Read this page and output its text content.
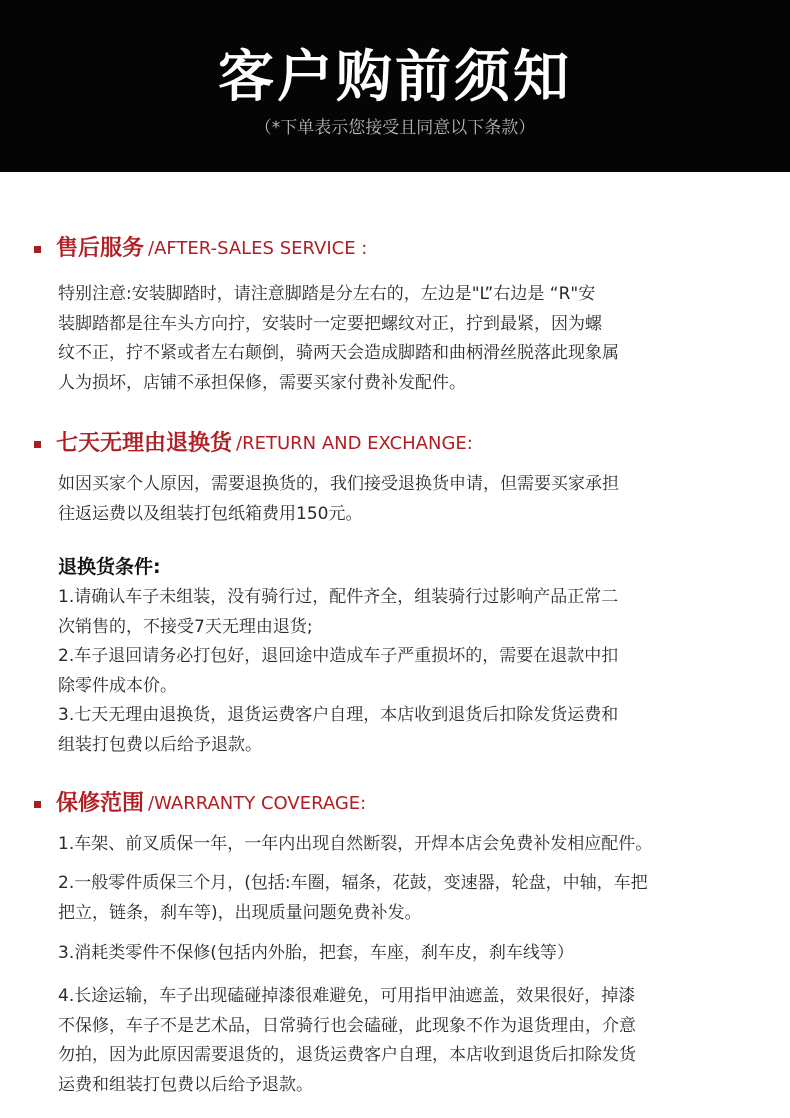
客户购前须知
（*下单表示您接受且同意以下条款）
售后服务 /AFTER-SALES SERVICE :
特别注意:安装脚踏时，请注意脚踏是分左右的，左边是"L”右边是 “R"安
装脚踏都是往车头方向拧，安装时一定要把螺纹对正，拧到最紧，因为螺
纹不正，拧不紧或者左右颠倒，骑两天会造成脚踏和曲柄滑丝脱落此现象属
人为损坏，店铺不承担保修，需要买家付费补发配件。
七天无理由退换货 /RETURN AND EXCHANGE:
如因买家个人原因，需要退换货的，我们接受退换货申请，但需要买家承担
往返运费以及组装打包纸箱费用150元。
退换货条件:
1.请确认车子未组装，没有骑行过，配件齐全，组装骑行过影响产品正常二
次销售的，不接受7天无理由退货;
2.车子退回请务必打包好，退回途中造成车子严重损坏的，需要在退款中扣
除零件成本价。
3.七天无理由退换货，退货运费客户自理，本店收到退货后扣除发货运费和
组装打包费以后给予退款。
保修范围 /WARRANTY COVERAGE:
1.车架、前叉质保一年，一年内出现自然断裂，开焊本店会免费补发相应配件。
2.一般零件质保三个月，(包括:车圈，辐条，花鼓，变速器，轮盘，中轴，车把
把立，链条，刹车等)，出现质量问题免费补发。
3.消耗类零件不保修(包括内外胎，把套，车座，刹车皮，刹车线等）
4.长途运输，车子出现磕碰掉漆很难避免，可用指甲油遮盖，效果很好，掉漆
不保修，车子不是艺术品，日常骑行也会磕碰，此现象不作为退货理由，介意
勿拍，因为此原因需要退货的，退货运费客户自理，本店收到退货后扣除发货
运费和组装打包费以后给予退款。
